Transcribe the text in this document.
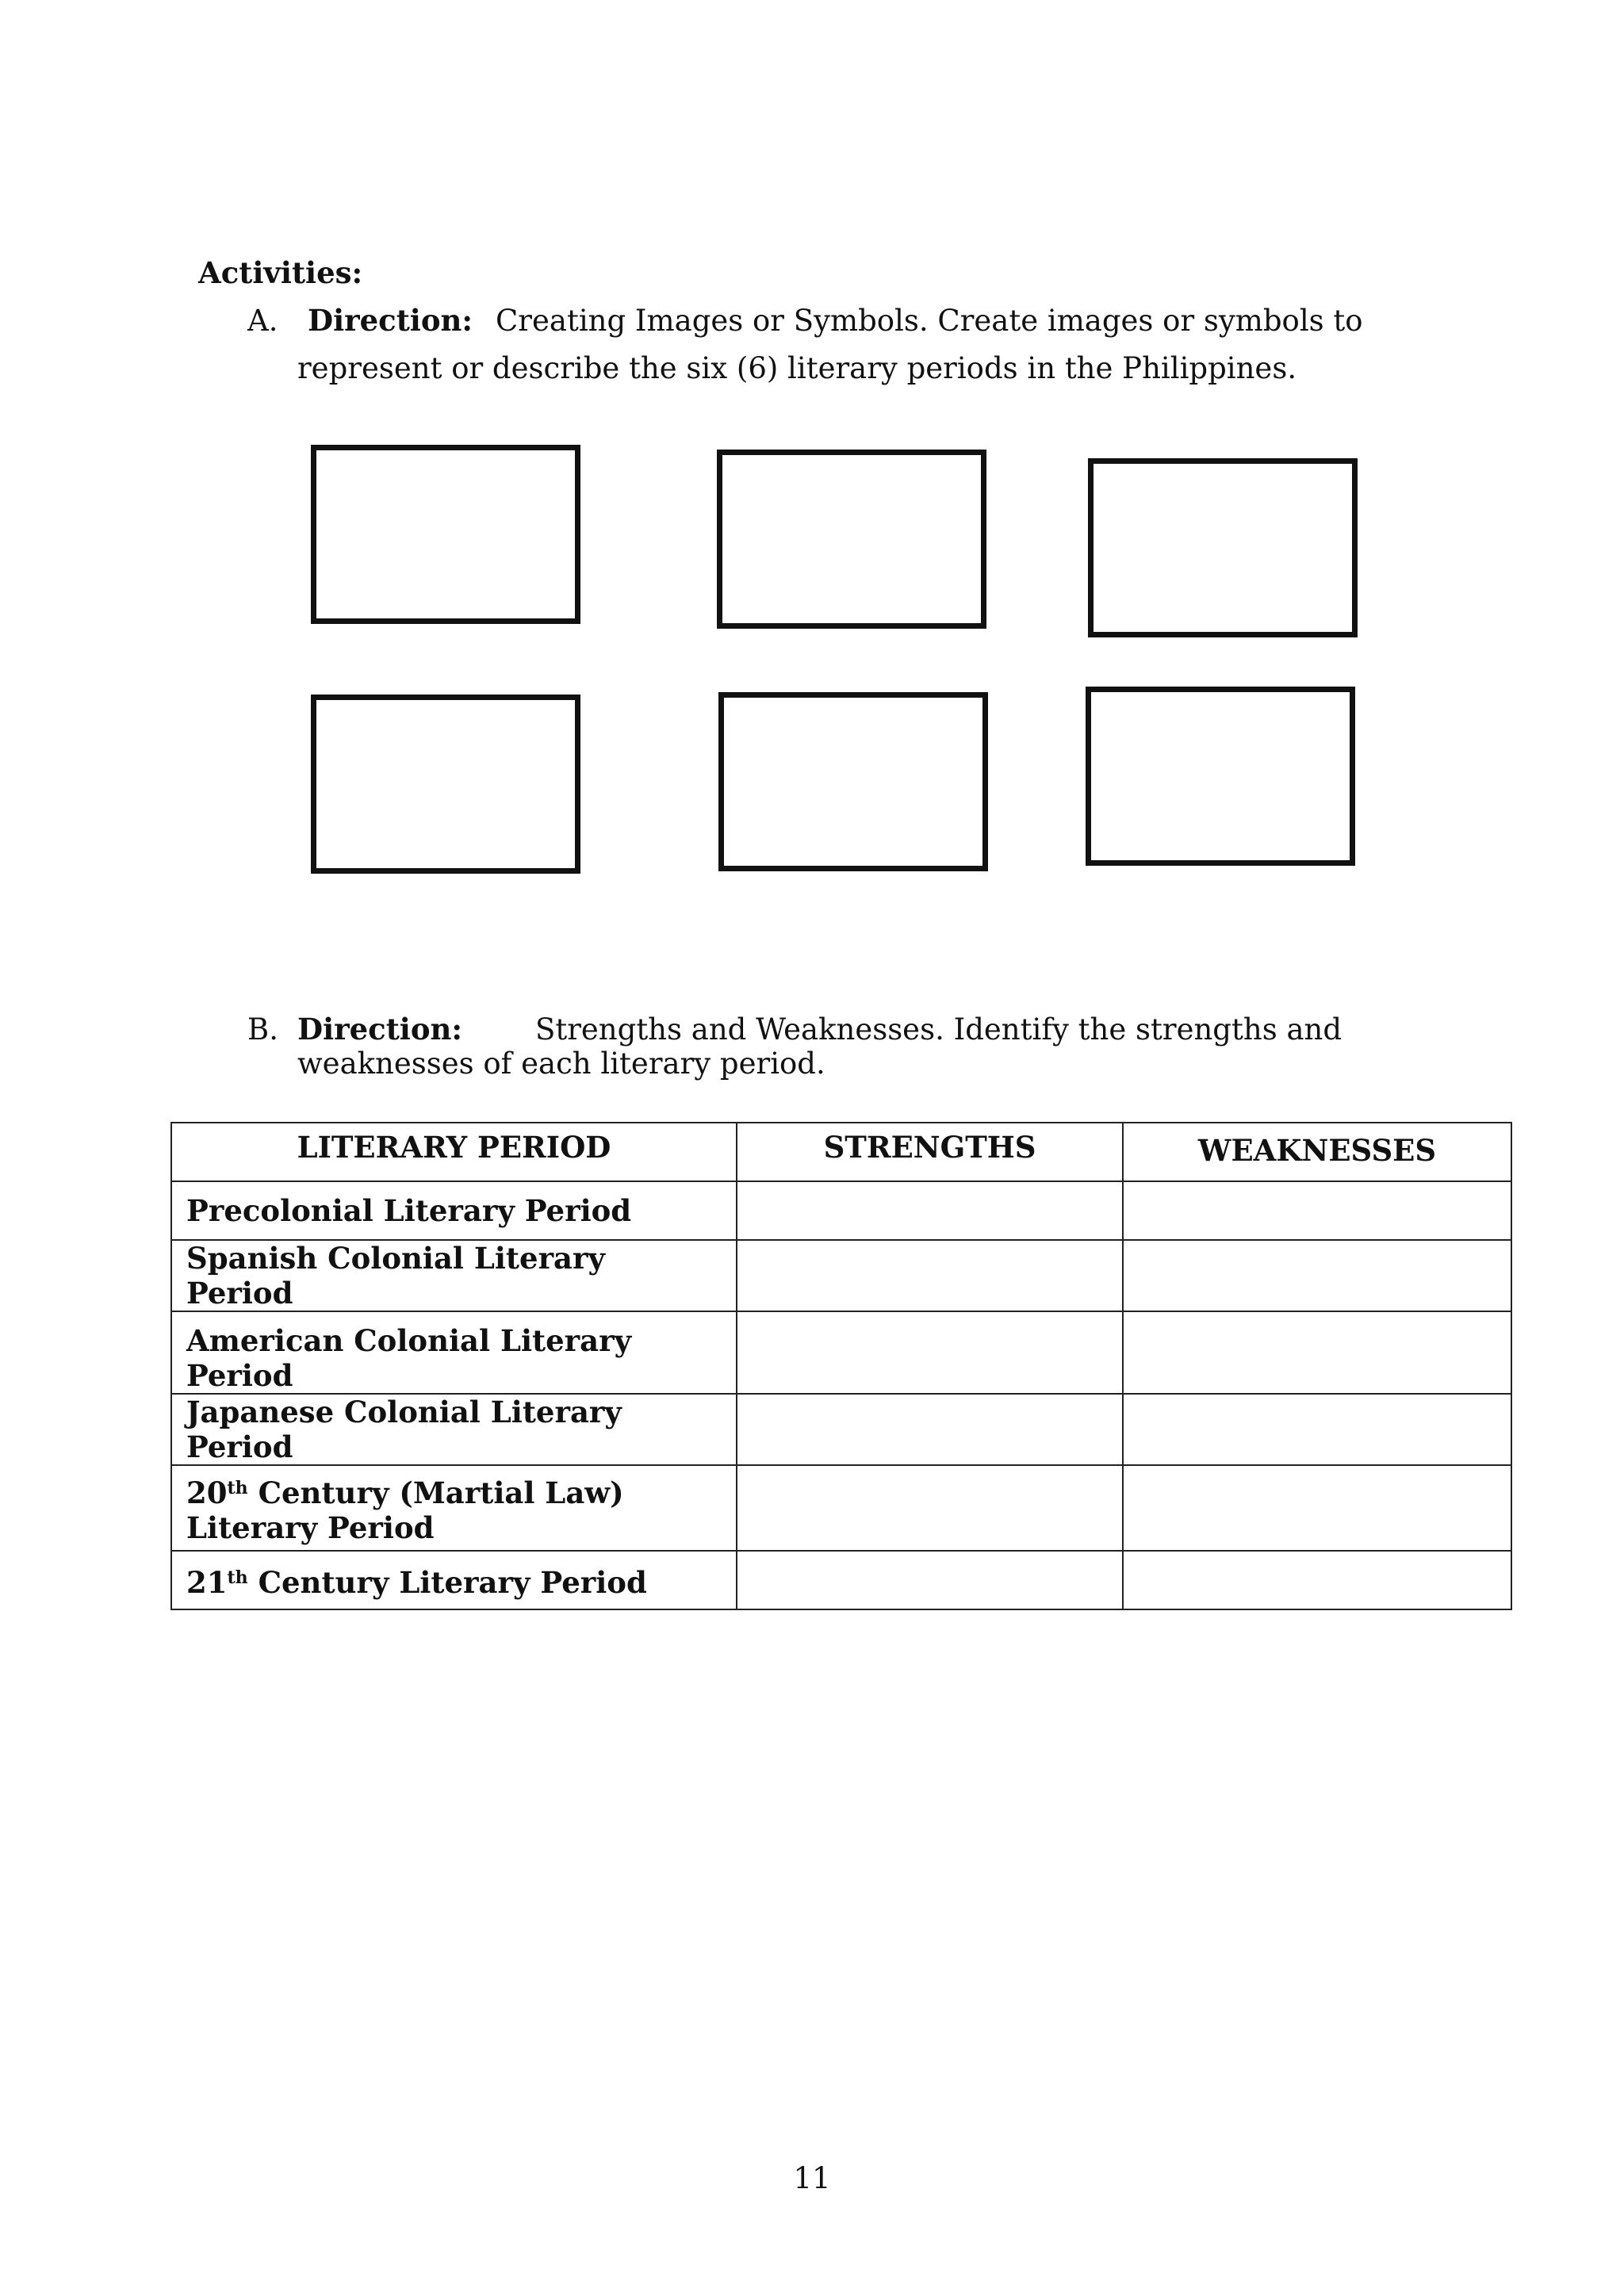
Activities:
A. Direction: Creating Images or Symbols. Create images or symbols to
represent or describe the six (6) literary periods in the Philippines.
B. Direction: Strengths and Weaknesses. Identify the strengths and
weaknesses of each literary period.
LITERARY PERIOD	STRENGTHS	WEAKNESSES
Precolonial Literary Period		
Spanish Colonial Literary Period		
American Colonial Literary Period		
Japanese Colonial Literary Period		
20th Century (Martial Law)
Literary Period		
21th Century Literary Period		
11
